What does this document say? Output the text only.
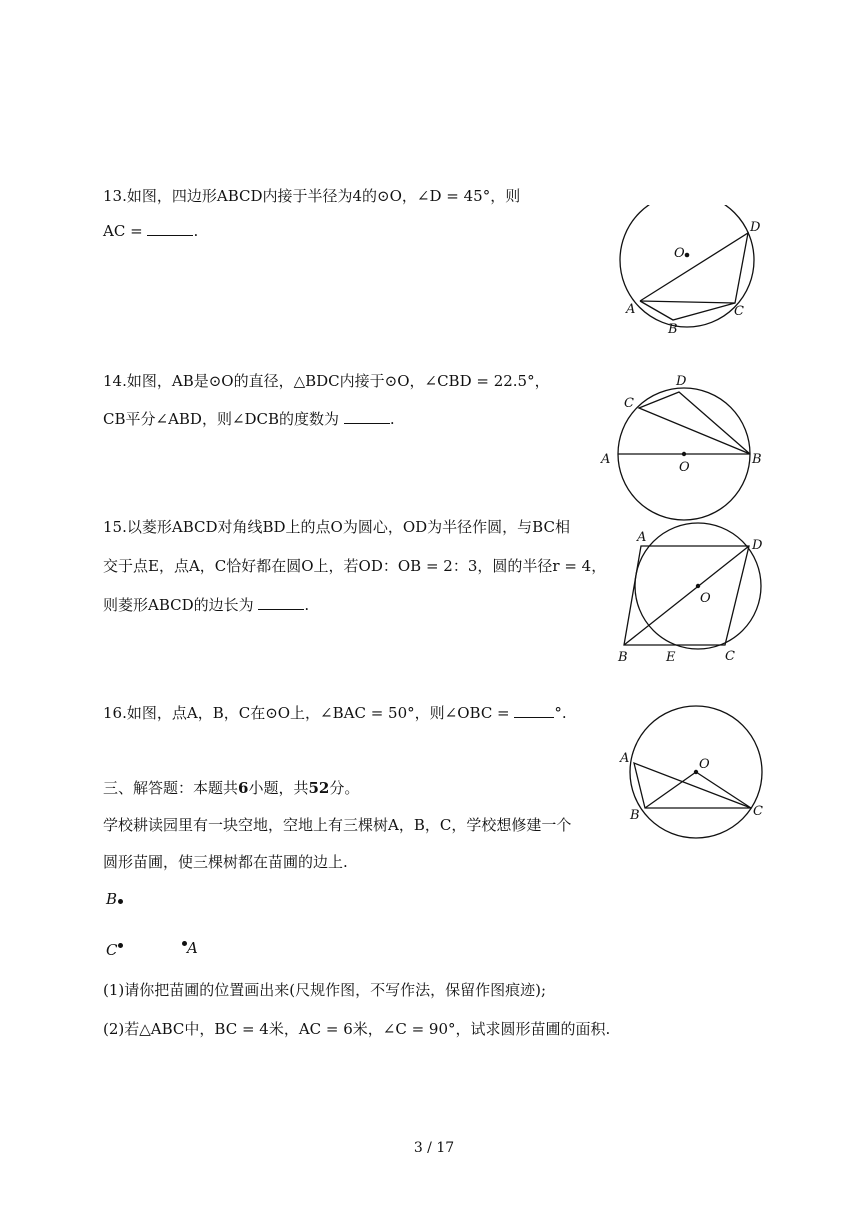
13.如图，四边形ABCD内接于半径为4的⊙O，∠D = 45°，则
AC =	.
O
A
B
C
D
14.如图，AB是⊙O的直径，△BDC内接于⊙O，∠CBD = 22.5°，
CB平分∠ABD，则∠DCB的度数为	.
O
A	B
C
D
15.以菱形ABCD对角线BD上的点O为圆心，OD为半径作圆，与BC相
交于点E，点A，C恰好都在圆O上，若OD：OB = 2：3，圆的半径r = 4，
则菱形ABCD的边长为	.	O
A
B	C
D
E
16.如图，点A，B，C在⊙O上，∠BAC = 50°，则∠OBC =	°.
O
A
B	C
三、解答题：本题共6小题，共52分。
学校耕读园里有一块空地，空地上有三棵树A，B，C，学校想修建一个
圆形苗圃，使三棵树都在苗圃的边上.
B
C	A
(1)请你把苗圃的位置画出来(尺规作图，不写作法，保留作图痕迹);
(2)若△ABC中，BC = 4米，AC = 6米，∠C = 90°，试求圆形苗圃的面积.
3 / 17
